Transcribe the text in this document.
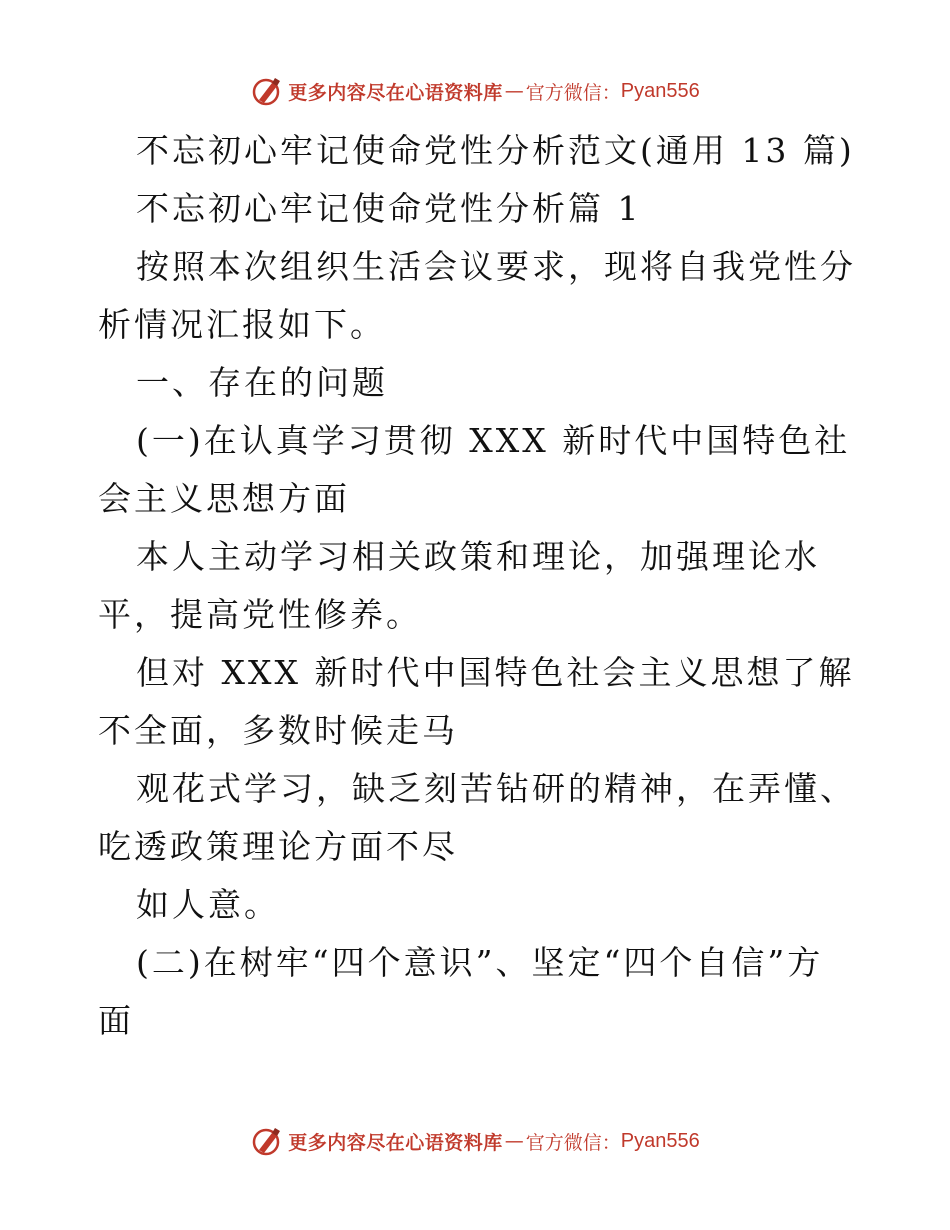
更多内容尽在心语资料库 — 官方微信： Pyan556

不忘初心牢记使命党性分析范文(通用 13 篇)

不忘初心牢记使命党性分析篇 1

按照本次组织生活会议要求，现将自我党性分析情况汇报如下。

一、存在的问题

(一)在认真学习贯彻 XXX 新时代中国特色社会主义思想方面

本人主动学习相关政策和理论，加强理论水平，提高党性修养。

但对 XXX 新时代中国特色社会主义思想了解不全面，多数时候走马

观花式学习，缺乏刻苦钻研的精神，在弄懂、吃透政策理论方面不尽

如人意。

(二)在树牢“四个意识”、坚定“四个自信”方面

更多内容尽在心语资料库 — 官方微信： Pyan556
